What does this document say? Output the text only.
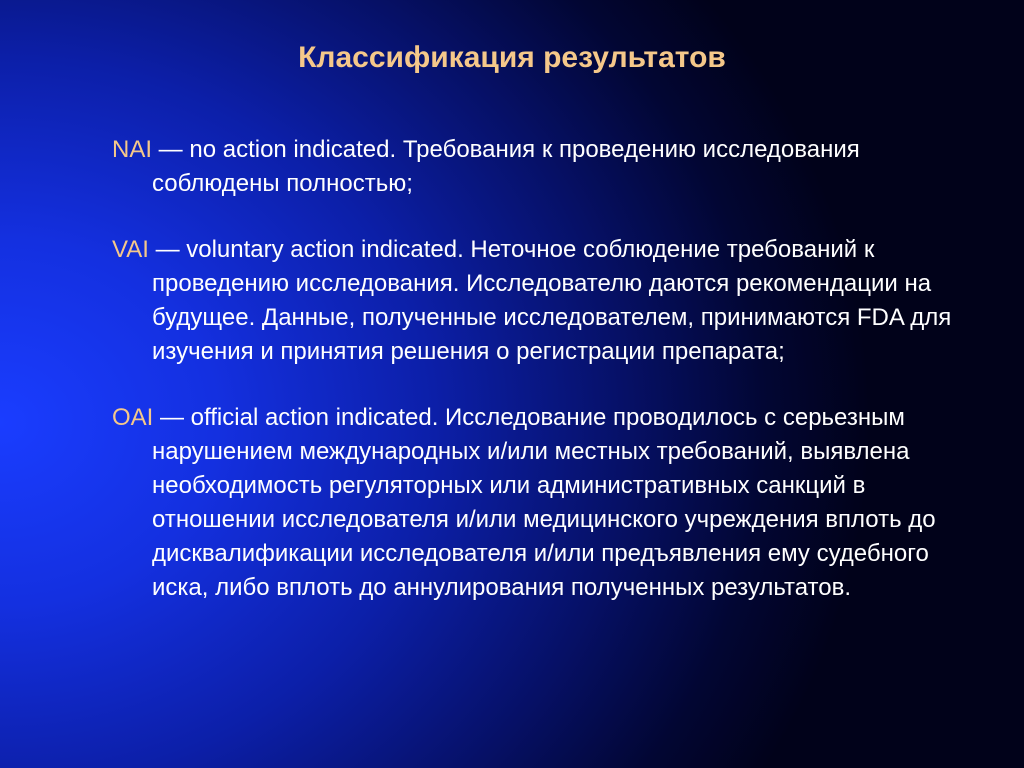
Классификация результатов
NAI — no action indicated. Требования к проведению исследования соблюдены полностью;
VAI — voluntary action indicated. Неточное соблюдение требований к проведению исследования. Исследователю даются рекомендации на будущее. Данные, полученные исследователем, принимаются FDA для изучения и принятия решения о регистрации препарата;
OAI — official action indicated. Исследование проводилось с серьезным нарушением международных и/или местных требований, выявлена необходимость регуляторных или административных санкций в отношении исследователя и/или медицинского учреждения вплоть до дисквалификации исследователя и/или предъявления ему судебного иска, либо вплоть до аннулирования полученных результатов.
